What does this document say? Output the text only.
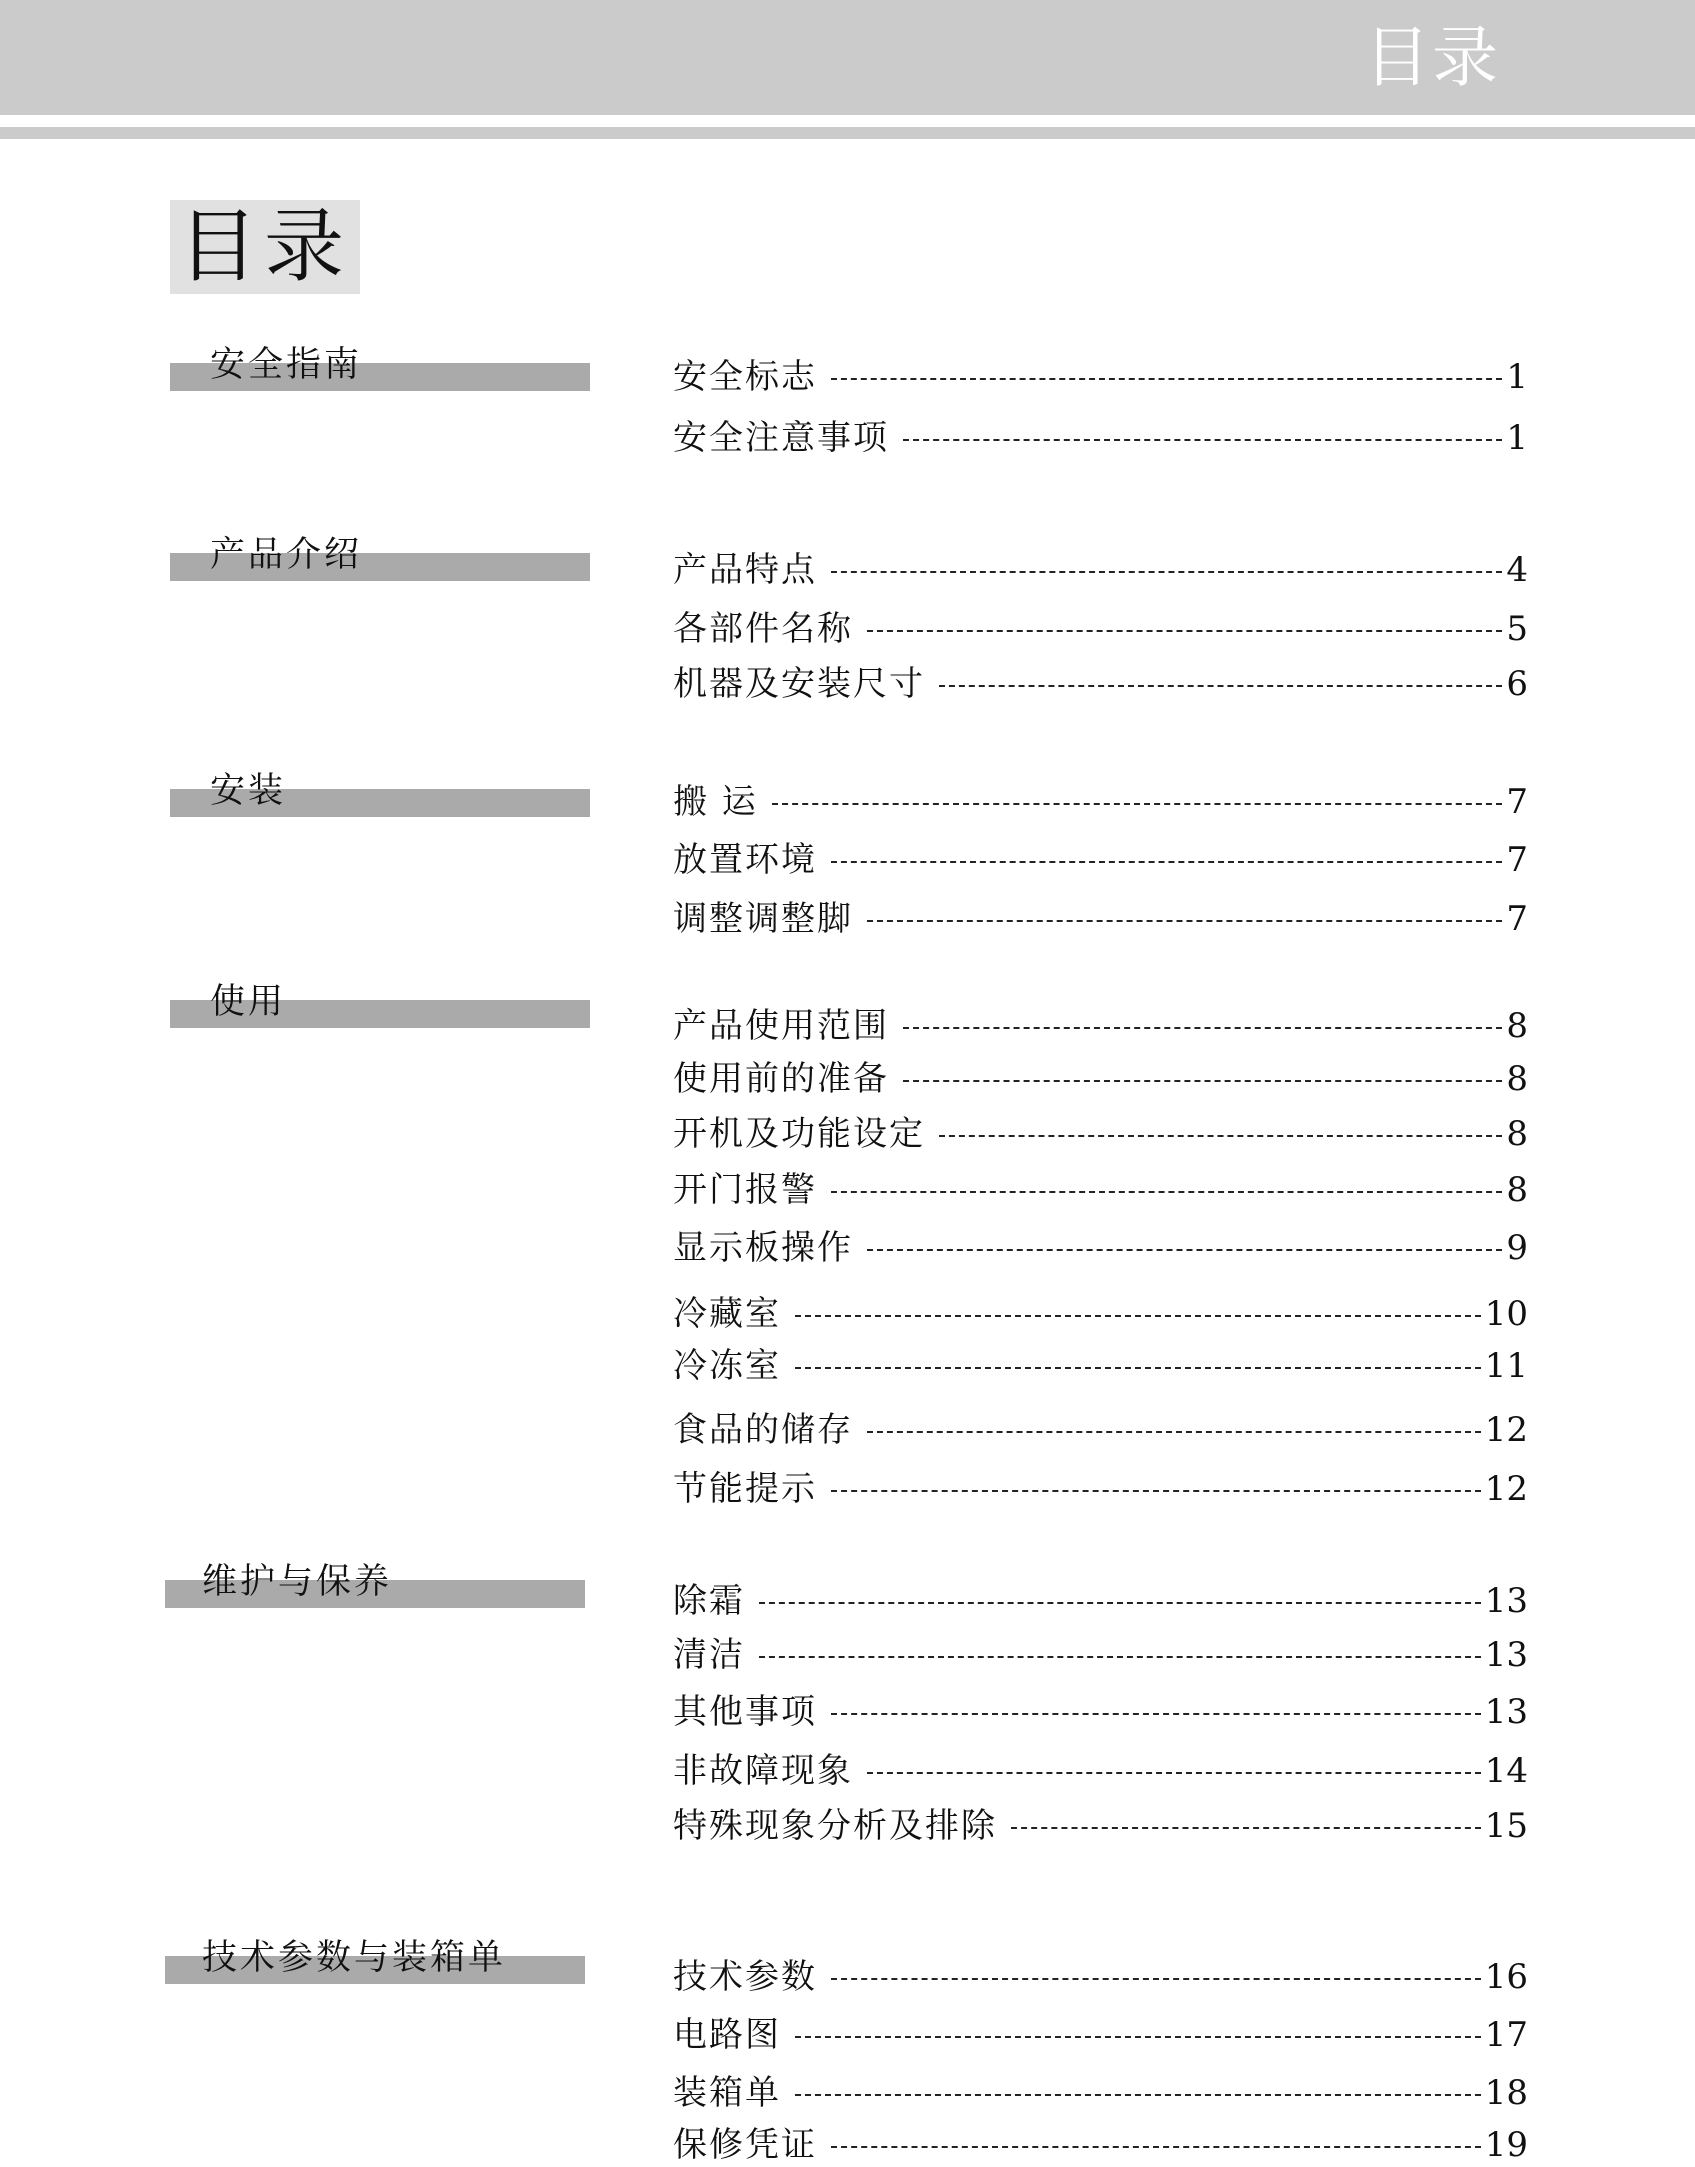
目录
目录
安全指南	安全标志	1
安全注意事项	1
产品介绍	产品特点	4
各部件名称	5
机器及安装尺寸	6
安装	搬 运	7
放置环境	7
调整调整脚	7
使用
产品使用范围	8
使用前的准备	8
开机及功能设定	8
开门报警	8
显示板操作	9
冷藏室	10
冷冻室	11
食品的储存	12
节能提示	12
维护与保养	除霜	13
清洁	13
其他事项	13
非故障现象	14
特殊现象分析及排除	15
技术参数与装箱单	技术参数	16
电路图	17
装箱单	18
保修凭证	19
